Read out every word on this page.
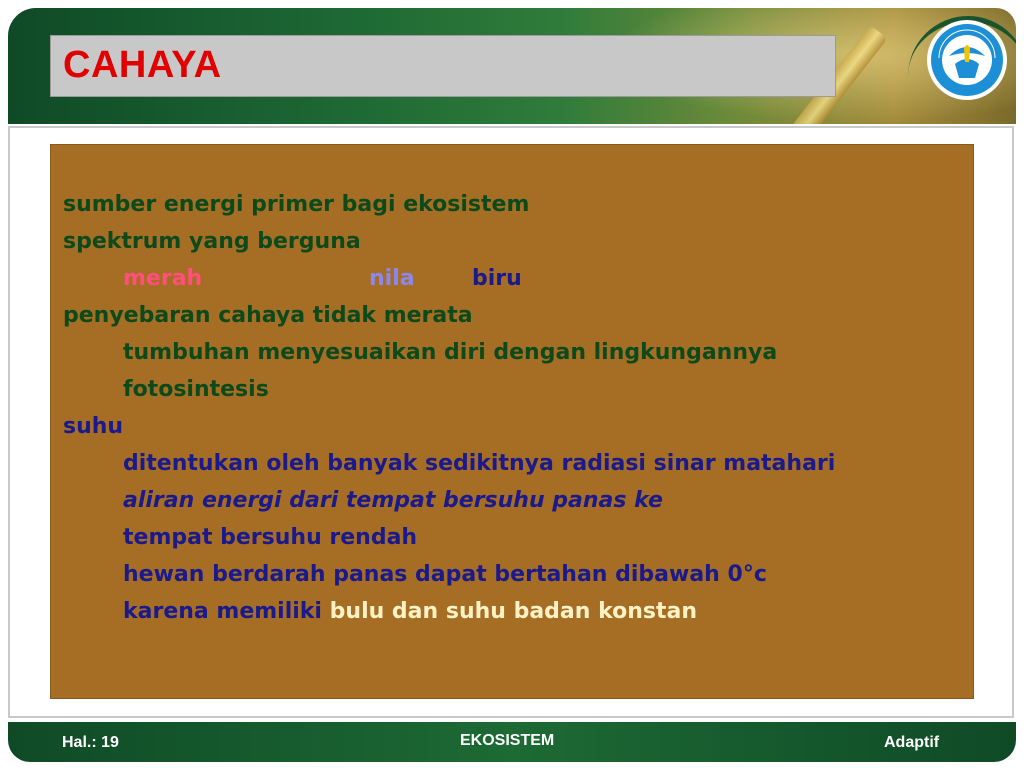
CAHAYA
sumber energi primer bagi ekosistem
spektrum yang berguna
merah	nila	biru
penyebaran cahaya tidak merata
tumbuhan menyesuaikan diri dengan lingkungannya
fotosintesis
suhu
ditentukan oleh banyak sedikitnya radiasi sinar matahari
aliran energi dari tempat bersuhu panas ke
tempat bersuhu rendah
hewan berdarah panas dapat bertahan dibawah 0°c
karena memiliki bulu dan suhu badan konstan
Hal.: 19	EKOSISTEM	Adaptif
